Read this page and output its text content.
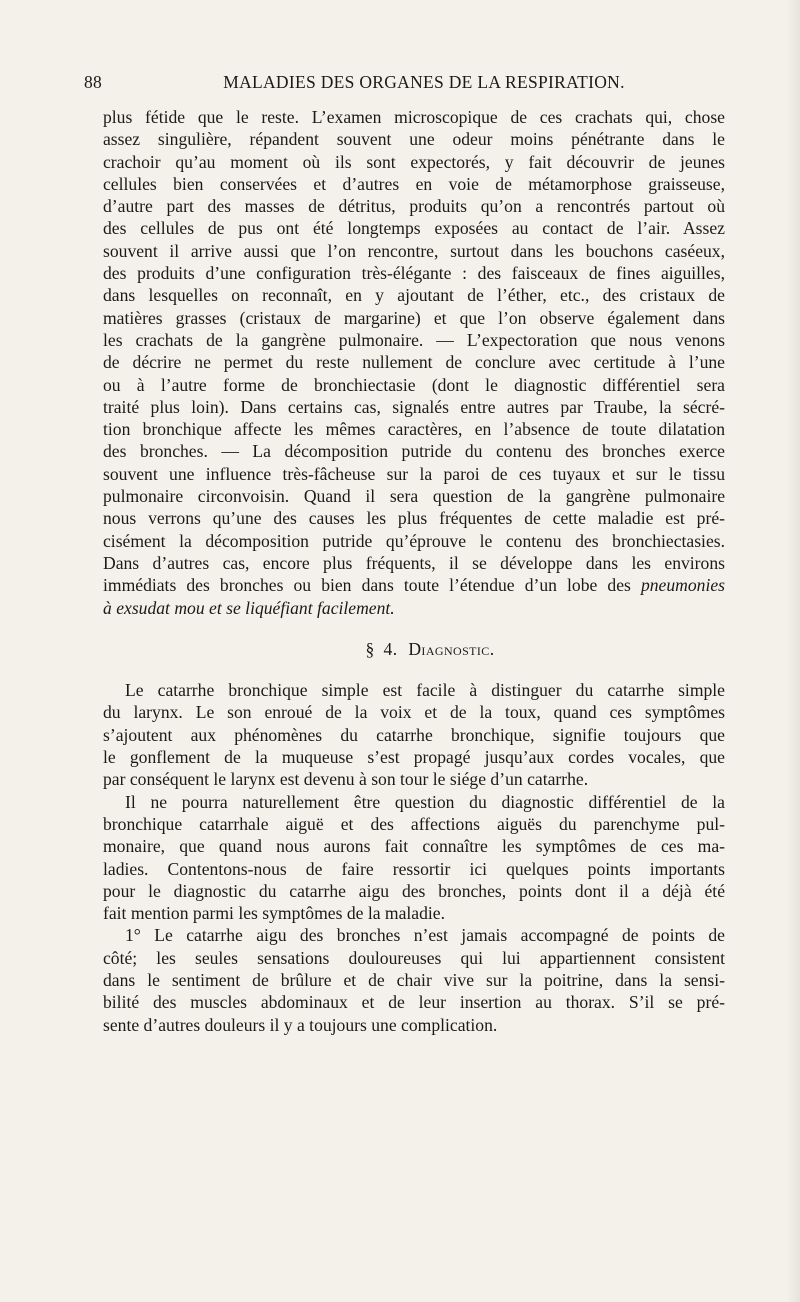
88	MALADIES DES ORGANES DE LA RESPIRATION.
plus fétide que le reste. L’examen microscopique de ces crachats qui, chose
assez singulière, répandent souvent une odeur moins pénétrante dans le
crachoir qu’au moment où ils sont expectorés, y fait découvrir de jeunes
cellules bien conservées et d’autres en voie de métamorphose graisseuse,
d’autre part des masses de détritus, produits qu’on a rencontrés partout où
des cellules de pus ont été longtemps exposées au contact de l’air. Assez
souvent il arrive aussi que l’on rencontre, surtout dans les bouchons caséeux,
des produits d’une configuration très-élégante : des faisceaux de fines aiguilles,
dans lesquelles on reconnaît, en y ajoutant de l’éther, etc., des cristaux de
matières grasses (cristaux de margarine) et que l’on observe également dans
les crachats de la gangrène pulmonaire. — L’expectoration que nous venons
de décrire ne permet du reste nullement de conclure avec certitude à l’une
ou à l’autre forme de bronchiectasie (dont le diagnostic différentiel sera
traité plus loin). Dans certains cas, signalés entre autres par Traube, la sécré-
tion bronchique affecte les mêmes caractères, en l’absence de toute dilatation
des bronches. — La décomposition putride du contenu des bronches exerce
souvent une influence très-fâcheuse sur la paroi de ces tuyaux et sur le tissu
pulmonaire circonvoisin. Quand il sera question de la gangrène pulmonaire
nous verrons qu’une des causes les plus fréquentes de cette maladie est pré-
cisément la décomposition putride qu’éprouve le contenu des bronchiectasies.
Dans d’autres cas, encore plus fréquents, il se développe dans les environs
immédiats des bronches ou bien dans toute l’étendue d’un lobe des pneumonies
à exsudat mou et se liquéfiant facilement.
§ 4. Diagnostic.
Le catarrhe bronchique simple est facile à distinguer du catarrhe simple
du larynx. Le son enroué de la voix et de la toux, quand ces symptômes
s’ajoutent aux phénomènes du catarrhe bronchique, signifie toujours que
le gonflement de la muqueuse s’est propagé jusqu’aux cordes vocales, que
par conséquent le larynx est devenu à son tour le siége d’un catarrhe.
Il ne pourra naturellement être question du diagnostic différentiel de la
bronchique catarrhale aiguë et des affections aiguës du parenchyme pul-
monaire, que quand nous aurons fait connaître les symptômes de ces ma-
ladies. Contentons-nous de faire ressortir ici quelques points importants
pour le diagnostic du catarrhe aigu des bronches, points dont il a déjà été
fait mention parmi les symptômes de la maladie.
1° Le catarrhe aigu des bronches n’est jamais accompagné de points de
côté; les seules sensations douloureuses qui lui appartiennent consistent
dans le sentiment de brûlure et de chair vive sur la poitrine, dans la sensi-
bilité des muscles abdominaux et de leur insertion au thorax. S’il se pré-
sente d’autres douleurs il y a toujours une complication.
